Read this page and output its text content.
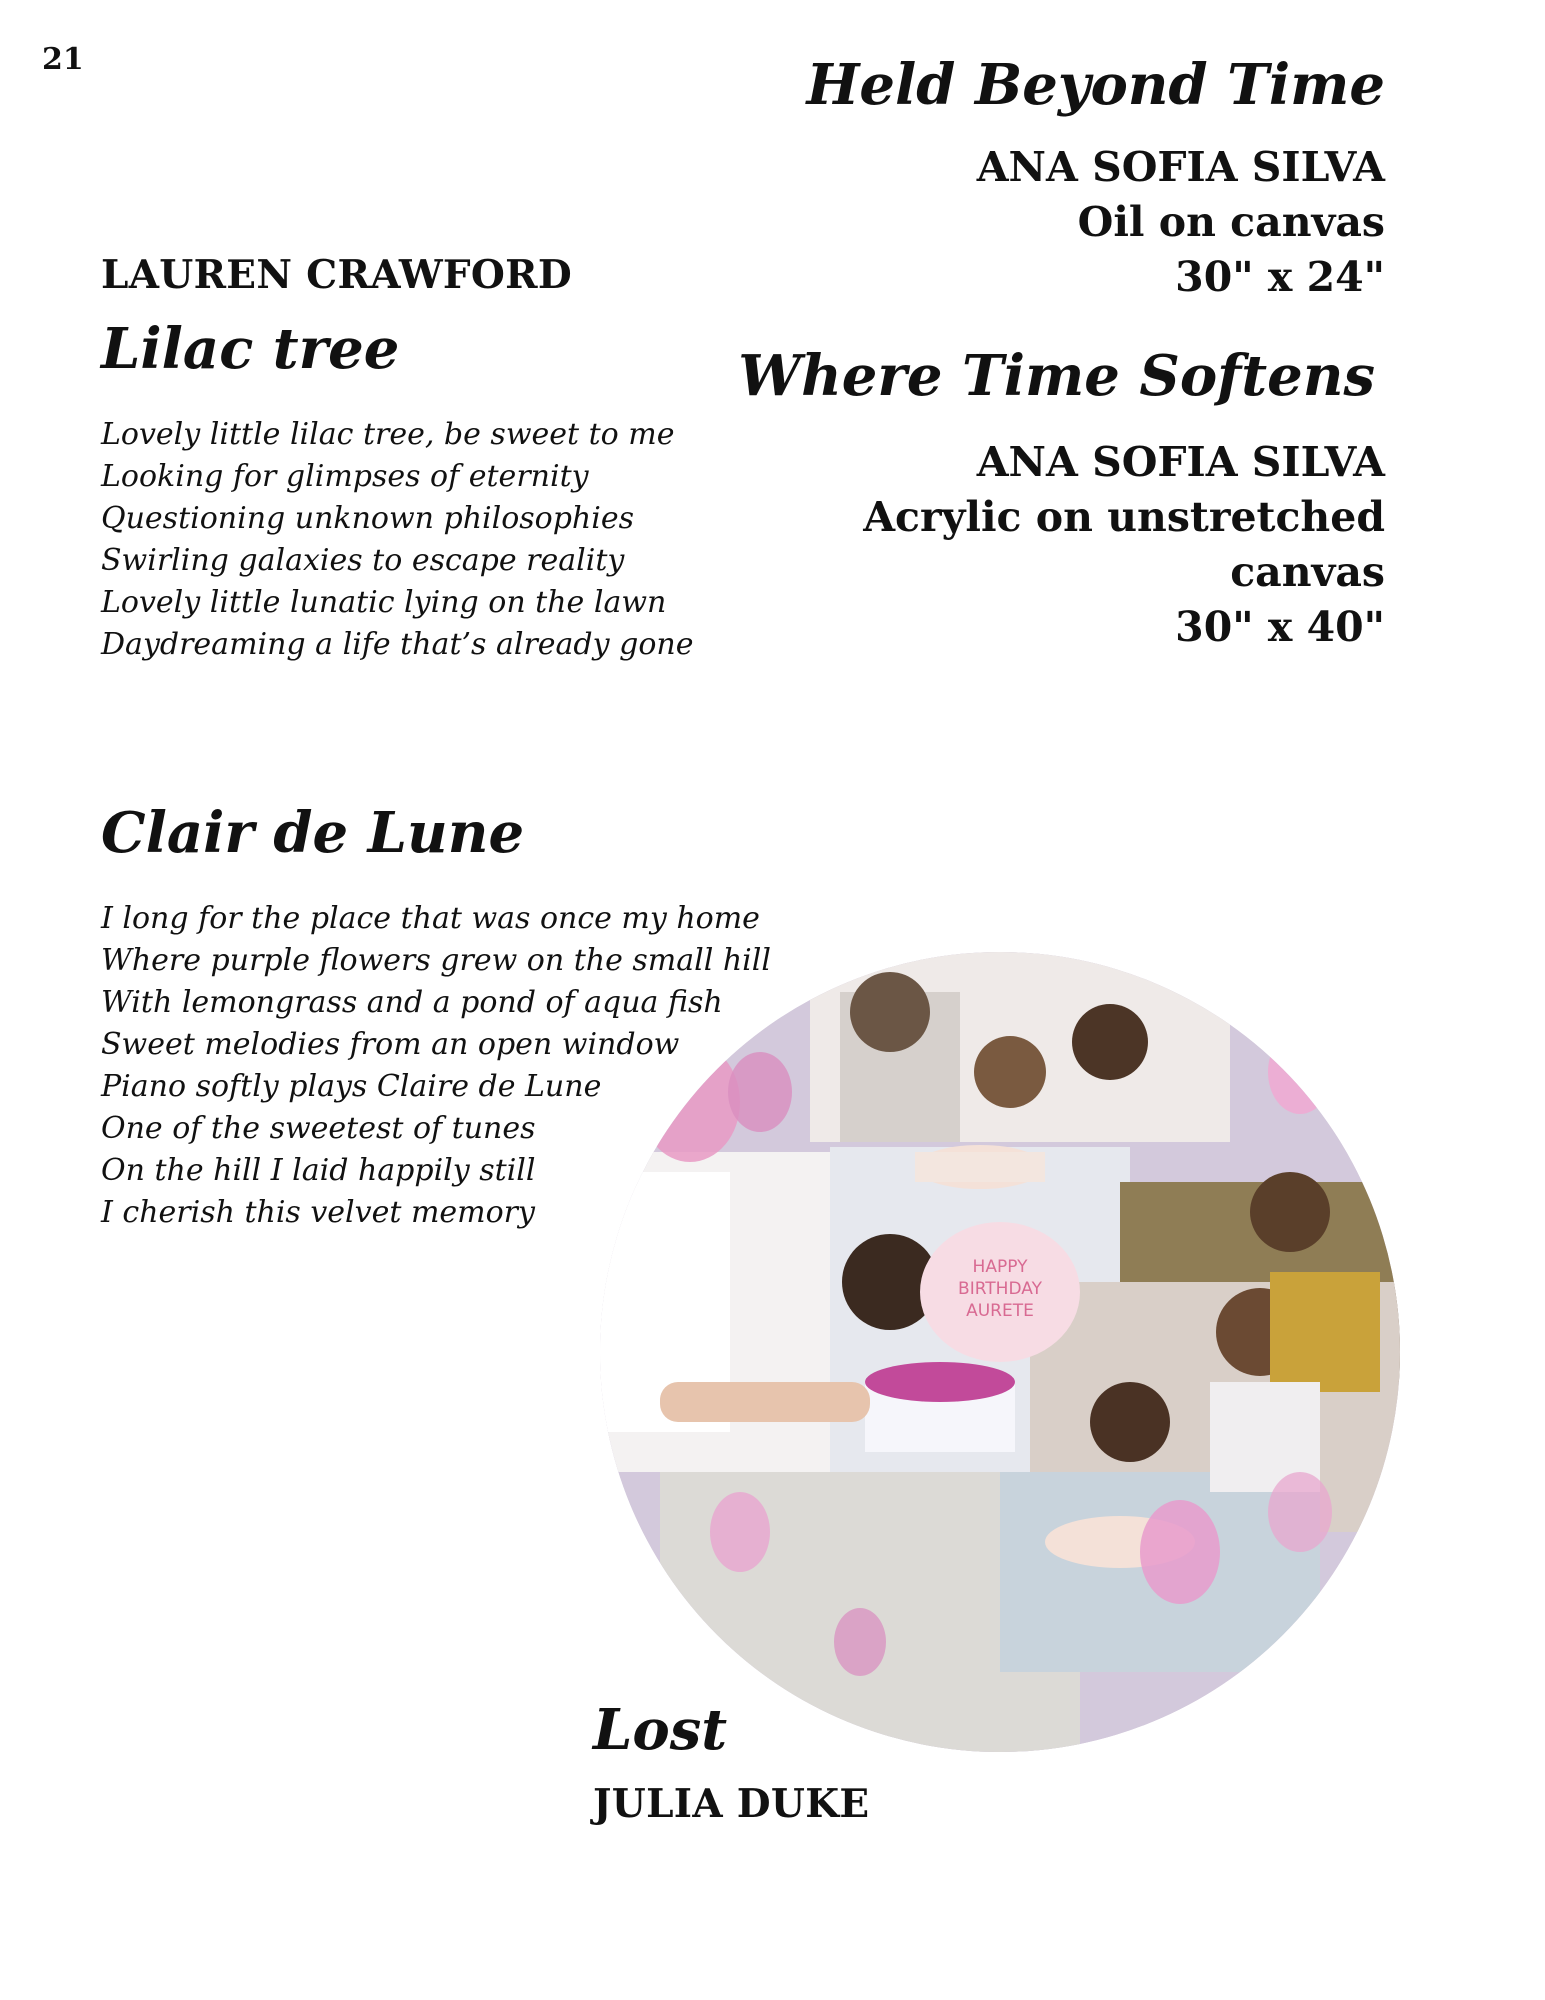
21	Held Beyond Time
ANA SOFIA SILVA
Oil on canvas
30" x 24"
Where Time Softens
ANA SOFIA SILVA
Acrylic on unstretched
canvas
30" x 40"
LAUREN CRAWFORD
Lilac tree
Lovely little lilac tree, be sweet to me
Looking for glimpses of eternity
Questioning unknown philosophies
Swirling galaxies to escape reality
Lovely little lunatic lying on the lawn
Daydreaming a life that’s already gone
Clair de Lune
I long for the place that was once my home
Where purple flowers grew on the small hill
With lemongrass and a pond of aqua fish
Sweet melodies from an open window
Piano softly plays Claire de Lune
One of the sweetest of tunes
On the hill I laid happily still
I cherish this velvet memory
HAPPY
BIRTHDAY
AURETE
Lost
JULIA DUKE
